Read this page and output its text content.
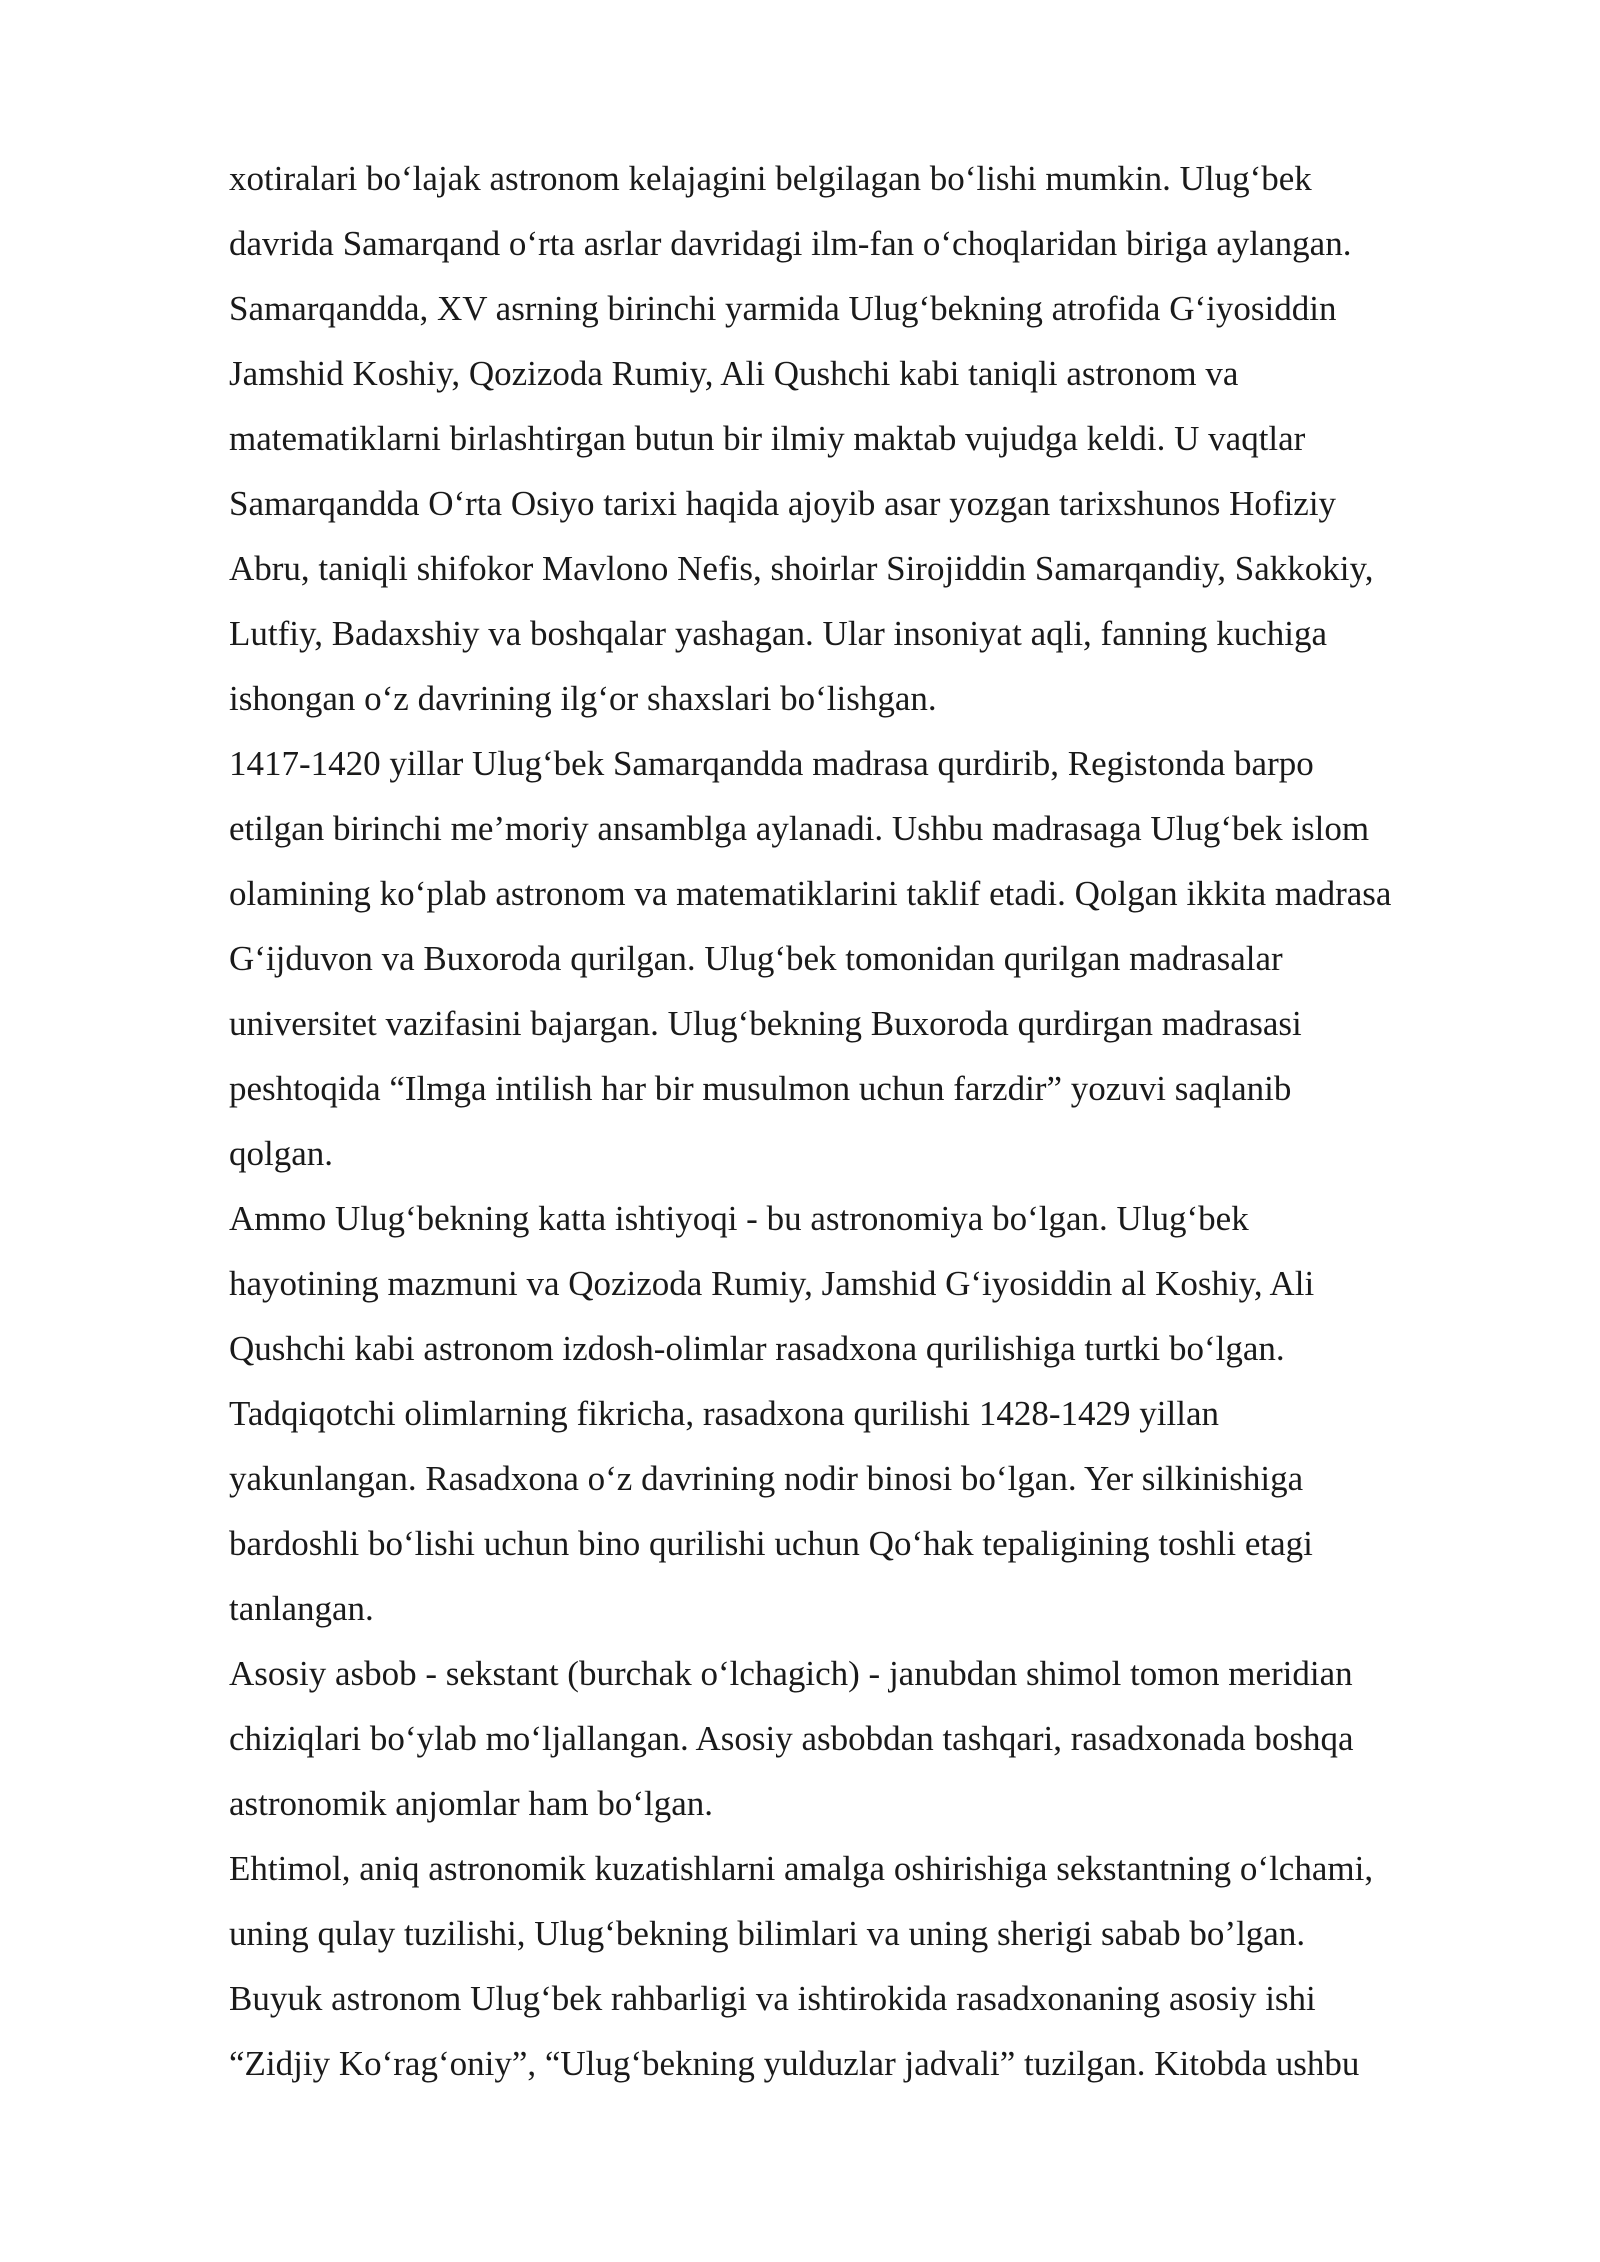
xotiralari bo‘lajak astronom kelajagini belgilagan bo‘lishi mumkin. Ulug‘bek
davrida Samarqand o‘rta asrlar davridagi ilm-fan o‘choqlaridan biriga aylangan.
Samarqandda, XV asrning birinchi yarmida Ulug‘bekning atrofida G‘iyosiddin
Jamshid Koshiy, Qozizoda Rumiy, Ali Qushchi kabi taniqli astronom va
matematiklarni birlashtirgan butun bir ilmiy maktab vujudga keldi. U vaqtlar
Samarqandda O‘rta Osiyo tarixi haqida ajoyib asar yozgan tarixshunos Hofiziy
Abru, taniqli shifokor Mavlono Nefis, shoirlar Sirojiddin Samarqandiy, Sakkokiy,
Lutfiy, Badaxshiy va boshqalar yashagan. Ular insoniyat aqli, fanning kuchiga
ishongan o‘z davrining ilg‘or shaxslari bo‘lishgan.
1417-1420 yillar Ulug‘bek Samarqandda madrasa qurdirib, Registonda barpo
etilgan birinchi me’moriy ansamblga aylanadi. Ushbu madrasaga Ulug‘bek islom
olamining ko‘plab astronom va matematiklarini taklif etadi. Qolgan ikkita madrasa
G‘ijduvon va Buxoroda qurilgan. Ulug‘bek tomonidan qurilgan madrasalar
universitet vazifasini bajargan. Ulug‘bekning Buxoroda qurdirgan madrasasi
peshtoqida “Ilmga intilish har bir musulmon uchun farzdir” yozuvi saqlanib
qolgan.
Ammo Ulug‘bekning katta ishtiyoqi - bu astronomiya bo‘lgan. Ulug‘bek
hayotining mazmuni va Qozizoda Rumiy, Jamshid G‘iyosiddin al Koshiy, Ali
Qushchi kabi astronom izdosh-olimlar rasadxona qurilishiga turtki bo‘lgan.
Tadqiqotchi olimlarning fikricha, rasadxona qurilishi 1428-1429 yillan
yakunlangan. Rasadxona o‘z davrining nodir binosi bo‘lgan. Yer silkinishiga
bardoshli bo‘lishi uchun bino qurilishi uchun Qo‘hak tepaligining toshli etagi
tanlangan.
Asosiy asbob - sekstant (burchak o‘lchagich) - janubdan shimol tomon meridian
chiziqlari bo‘ylab mo‘ljallangan. Asosiy asbobdan tashqari, rasadxonada boshqa
astronomik anjomlar ham bo‘lgan.
Ehtimol, aniq astronomik kuzatishlarni amalga oshirishiga sekstantning o‘lchami,
uning qulay tuzilishi, Ulug‘bekning bilimlari va uning sherigi sabab bo’lgan.
Buyuk astronom Ulug‘bek rahbarligi va ishtirokida rasadxonaning asosiy ishi
“Zidjiy Ko‘rag‘oniy”, “Ulug‘bekning yulduzlar jadvali” tuzilgan. Kitobda ushbu
